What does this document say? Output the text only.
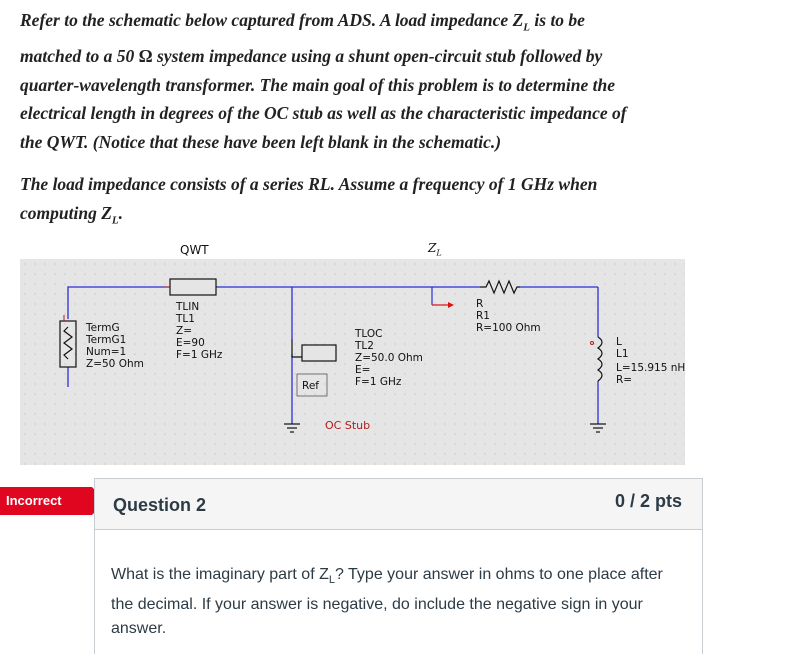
Refer to the schematic below captured from ADS. A load impedance $Z_L$ is to be
matched to a 50 Ω system impedance using a shunt open-circuit stub followed by
quarter-wavelength transformer. The main goal of this problem is to determine the
electrical length in degrees of the OC stub as well as the characteristic impedance of
the QWT. (Notice that these have been left blank in the schematic.)

The load impedance consists of a series RL. Assume a frequency of 1 GHz when
computing $Z_L$.

QWT	$Z_L$
TermG
TermG1
Num=1
Z=50 Ohm
TLIN
TL1
Z=
E=90
F=1 GHz
TLOC
TL2
Z=50.0 Ohm
E=
F=1 GHz
Ref
OC Stub
R
R1
R=100 Ohm
L
L1
L=15.915 nH
R=
Incorrect	Question 2	0 / 2 pts
What is the imaginary part of $Z_L$? Type your answer in ohms to one place after the decimal. If your answer is negative, do include the negative sign in your answer.
